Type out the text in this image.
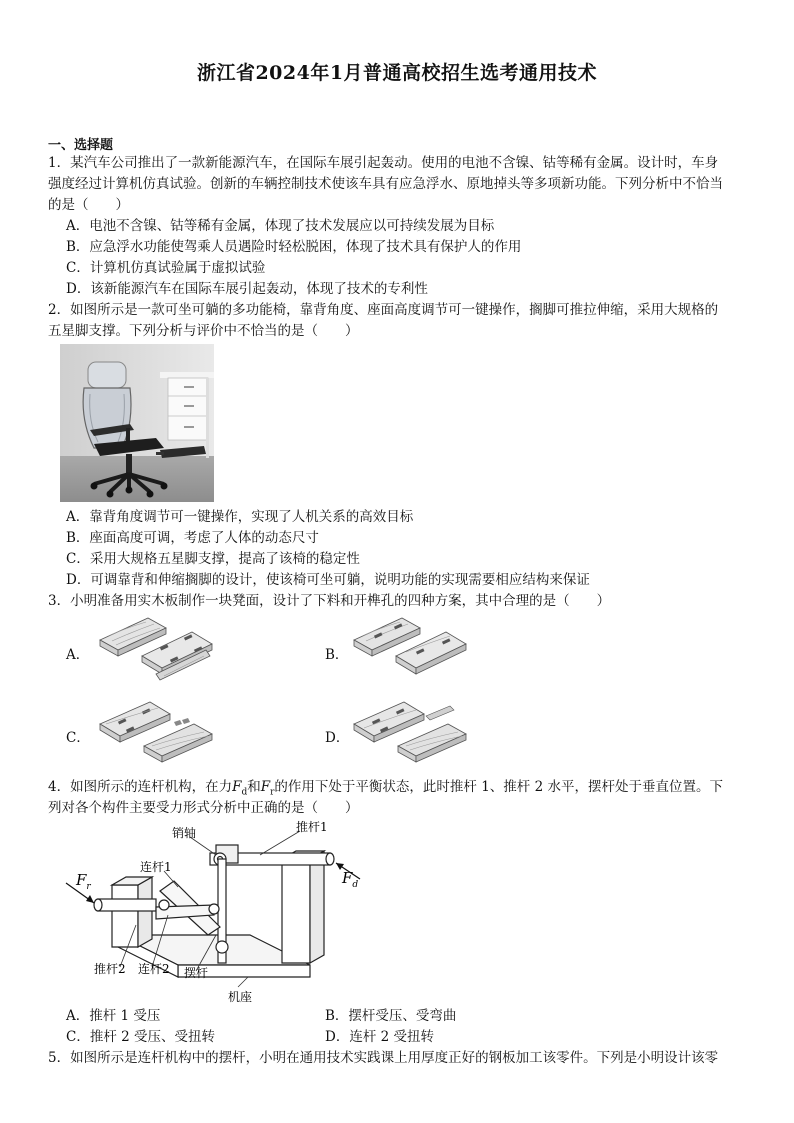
浙江省2024年1月普通高校招生选考通用技术
一、选择题
1．某汽车公司推出了一款新能源汽车，在国际车展引起轰动。使用的电池不含镍、钴等稀有金属。设计时，车身
强度经过计算机仿真试验。创新的车辆控制技术使该车具有应急浮水、原地掉头等多项新功能。下列分析中不恰当
的是（　　）
A．电池不含镍、钴等稀有金属，体现了技术发展应以可持续发展为目标
B．应急浮水功能使驾乘人员遇险时轻松脱困，体现了技术具有保护人的作用
C．计算机仿真试验属于虚拟试验
D．该新能源汽车在国际车展引起轰动，体现了技术的专利性
2．如图所示是一款可坐可躺的多功能椅，靠背角度、座面高度调节可一键操作，搁脚可推拉伸缩，采用大规格的
五星脚支撑。下列分析与评价中不恰当的是（　　）
A．靠背角度调节可一键操作，实现了人机关系的高效目标
B．座面高度可调，考虑了人体的动态尺寸
C．采用大规格五星脚支撑，提高了该椅的稳定性
D．可调靠背和伸缩搁脚的设计，使该椅可坐可躺，说明功能的实现需要相应结构来保证
3．小明准备用实木板制作一块凳面，设计了下料和开榫孔的四种方案，其中合理的是（　　）
A．	B．
C．	D．
4．如图所示的连杆机构，在力$F_d$和$F_r$的作用下处于平衡状态，此时推杆 1、推杆 2 水平，摆杆处于垂直位置。下
列对各个构件主要受力形式分析中正确的是（　　）
销轴	推杆1
连杆1
推杆2 连杆2 摆杆
机座
$F_r$	$F_d$
A．推杆 1 受压	B．摆杆受压、受弯曲
C．推杆 2 受压、受扭转	D．连杆 2 受扭转
5．如图所示是连杆机构中的摆杆，小明在通用技术实践课上用厚度正好的钢板加工该零件。下列是小明设计该零
